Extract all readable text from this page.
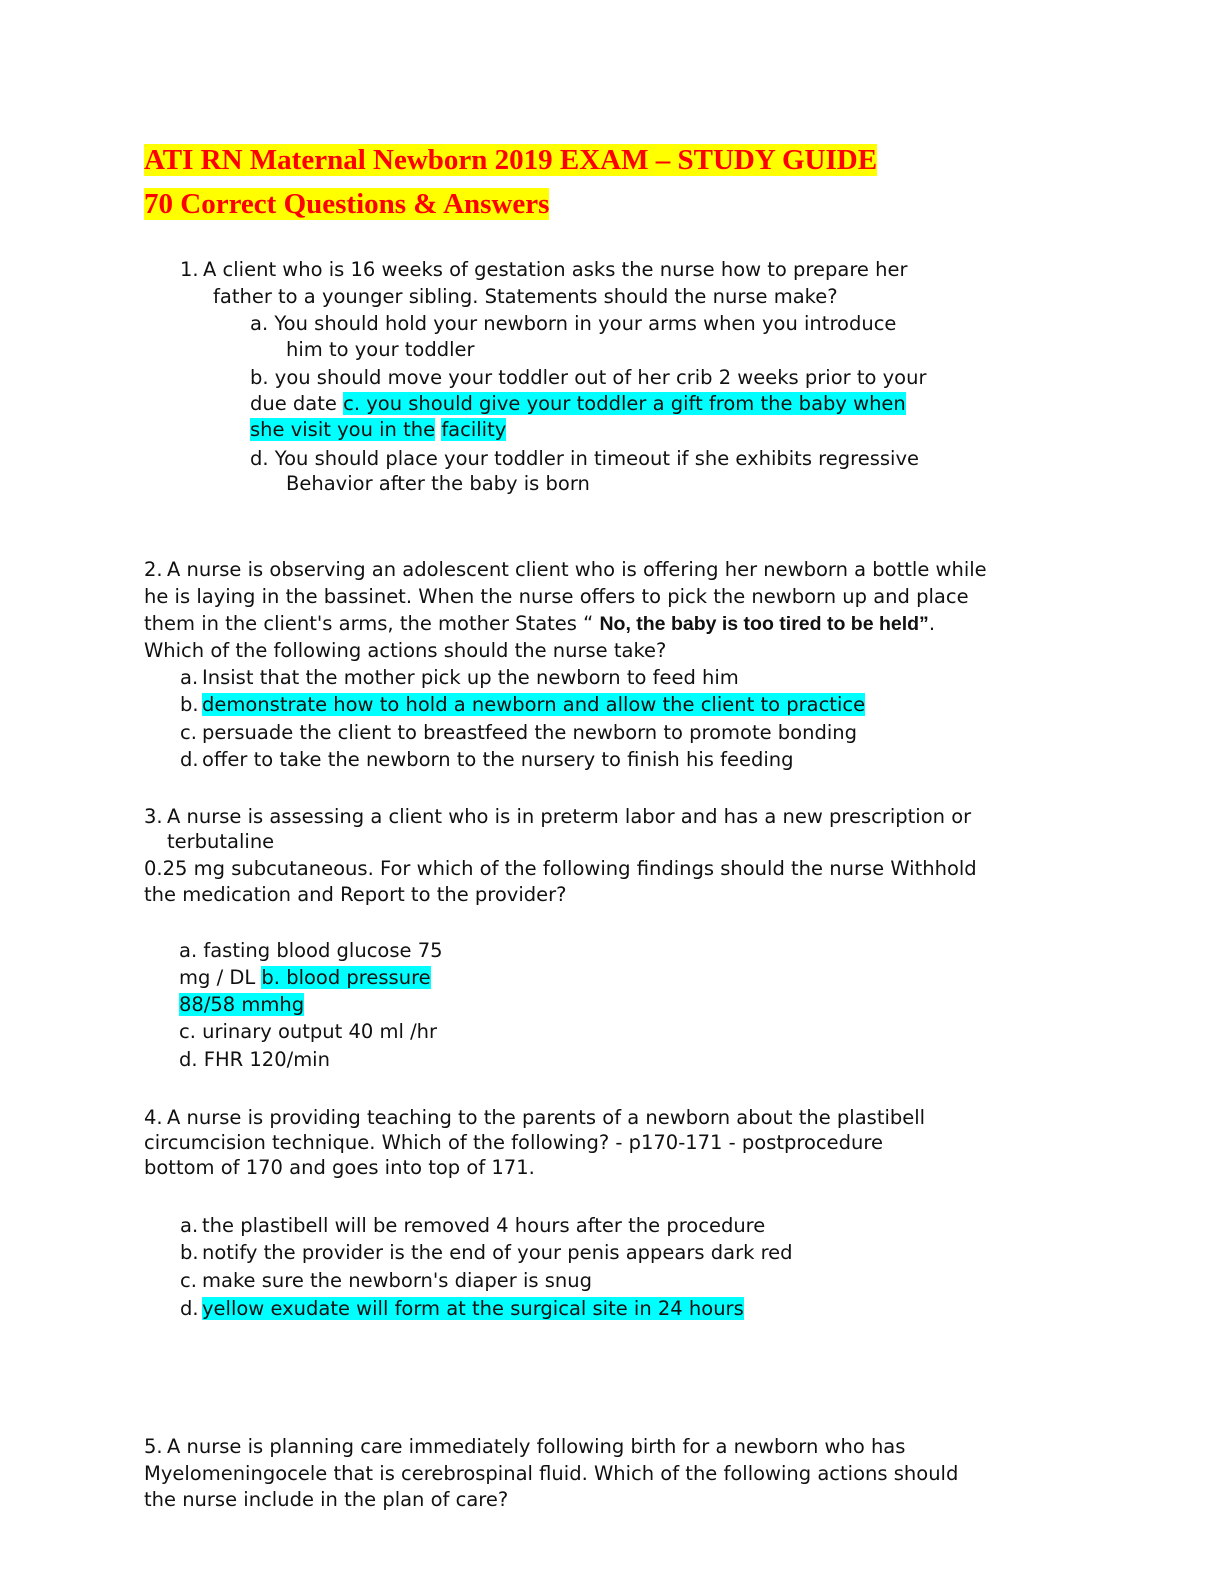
ATI RN Maternal Newborn 2019 EXAM – STUDY GUIDE
70 Correct Questions & Answers
1. A client who is 16 weeks of gestation asks the nurse how to prepare her
father to a younger sibling. Statements should the nurse make?
a. You should hold your newborn in your arms when you introduce
him to your toddler
b. you should move your toddler out of her crib 2 weeks prior to your
due date c. you should give your toddler a gift from the baby when
she visit you in the facility
d. You should place your toddler in timeout if she exhibits regressive
Behavior after the baby is born
2. A nurse is observing an adolescent client who is offering her newborn a bottle while
he is laying in the bassinet. When the nurse offers to pick the newborn up and place
them in the client's arms, the mother States “ No, the baby is too tired to be held”.
Which of the following actions should the nurse take?
a. Insist that the mother pick up the newborn to feed him
b. demonstrate how to hold a newborn and allow the client to practice
c. persuade the client to breastfeed the newborn to promote bonding
d. offer to take the newborn to the nursery to finish his feeding
3. A nurse is assessing a client who is in preterm labor and has a new prescription or
terbutaline
0.25 mg subcutaneous. For which of the following findings should the nurse Withhold
the medication and Report to the provider?
a. fasting blood glucose 75
mg / DL b. blood pressure
88/58 mmhg
c. urinary output 40 ml /hr
d. FHR 120/min
4. A nurse is providing teaching to the parents of a newborn about the plastibell
circumcision technique. Which of the following? - p170-171 - postprocedure
bottom of 170 and goes into top of 171.
a. the plastibell will be removed 4 hours after the procedure
b. notify the provider is the end of your penis appears dark red
c. make sure the newborn's diaper is snug
d. yellow exudate will form at the surgical site in 24 hours
5. A nurse is planning care immediately following birth for a newborn who has
Myelomeningocele that is cerebrospinal fluid. Which of the following actions should
the nurse include in the plan of care?
